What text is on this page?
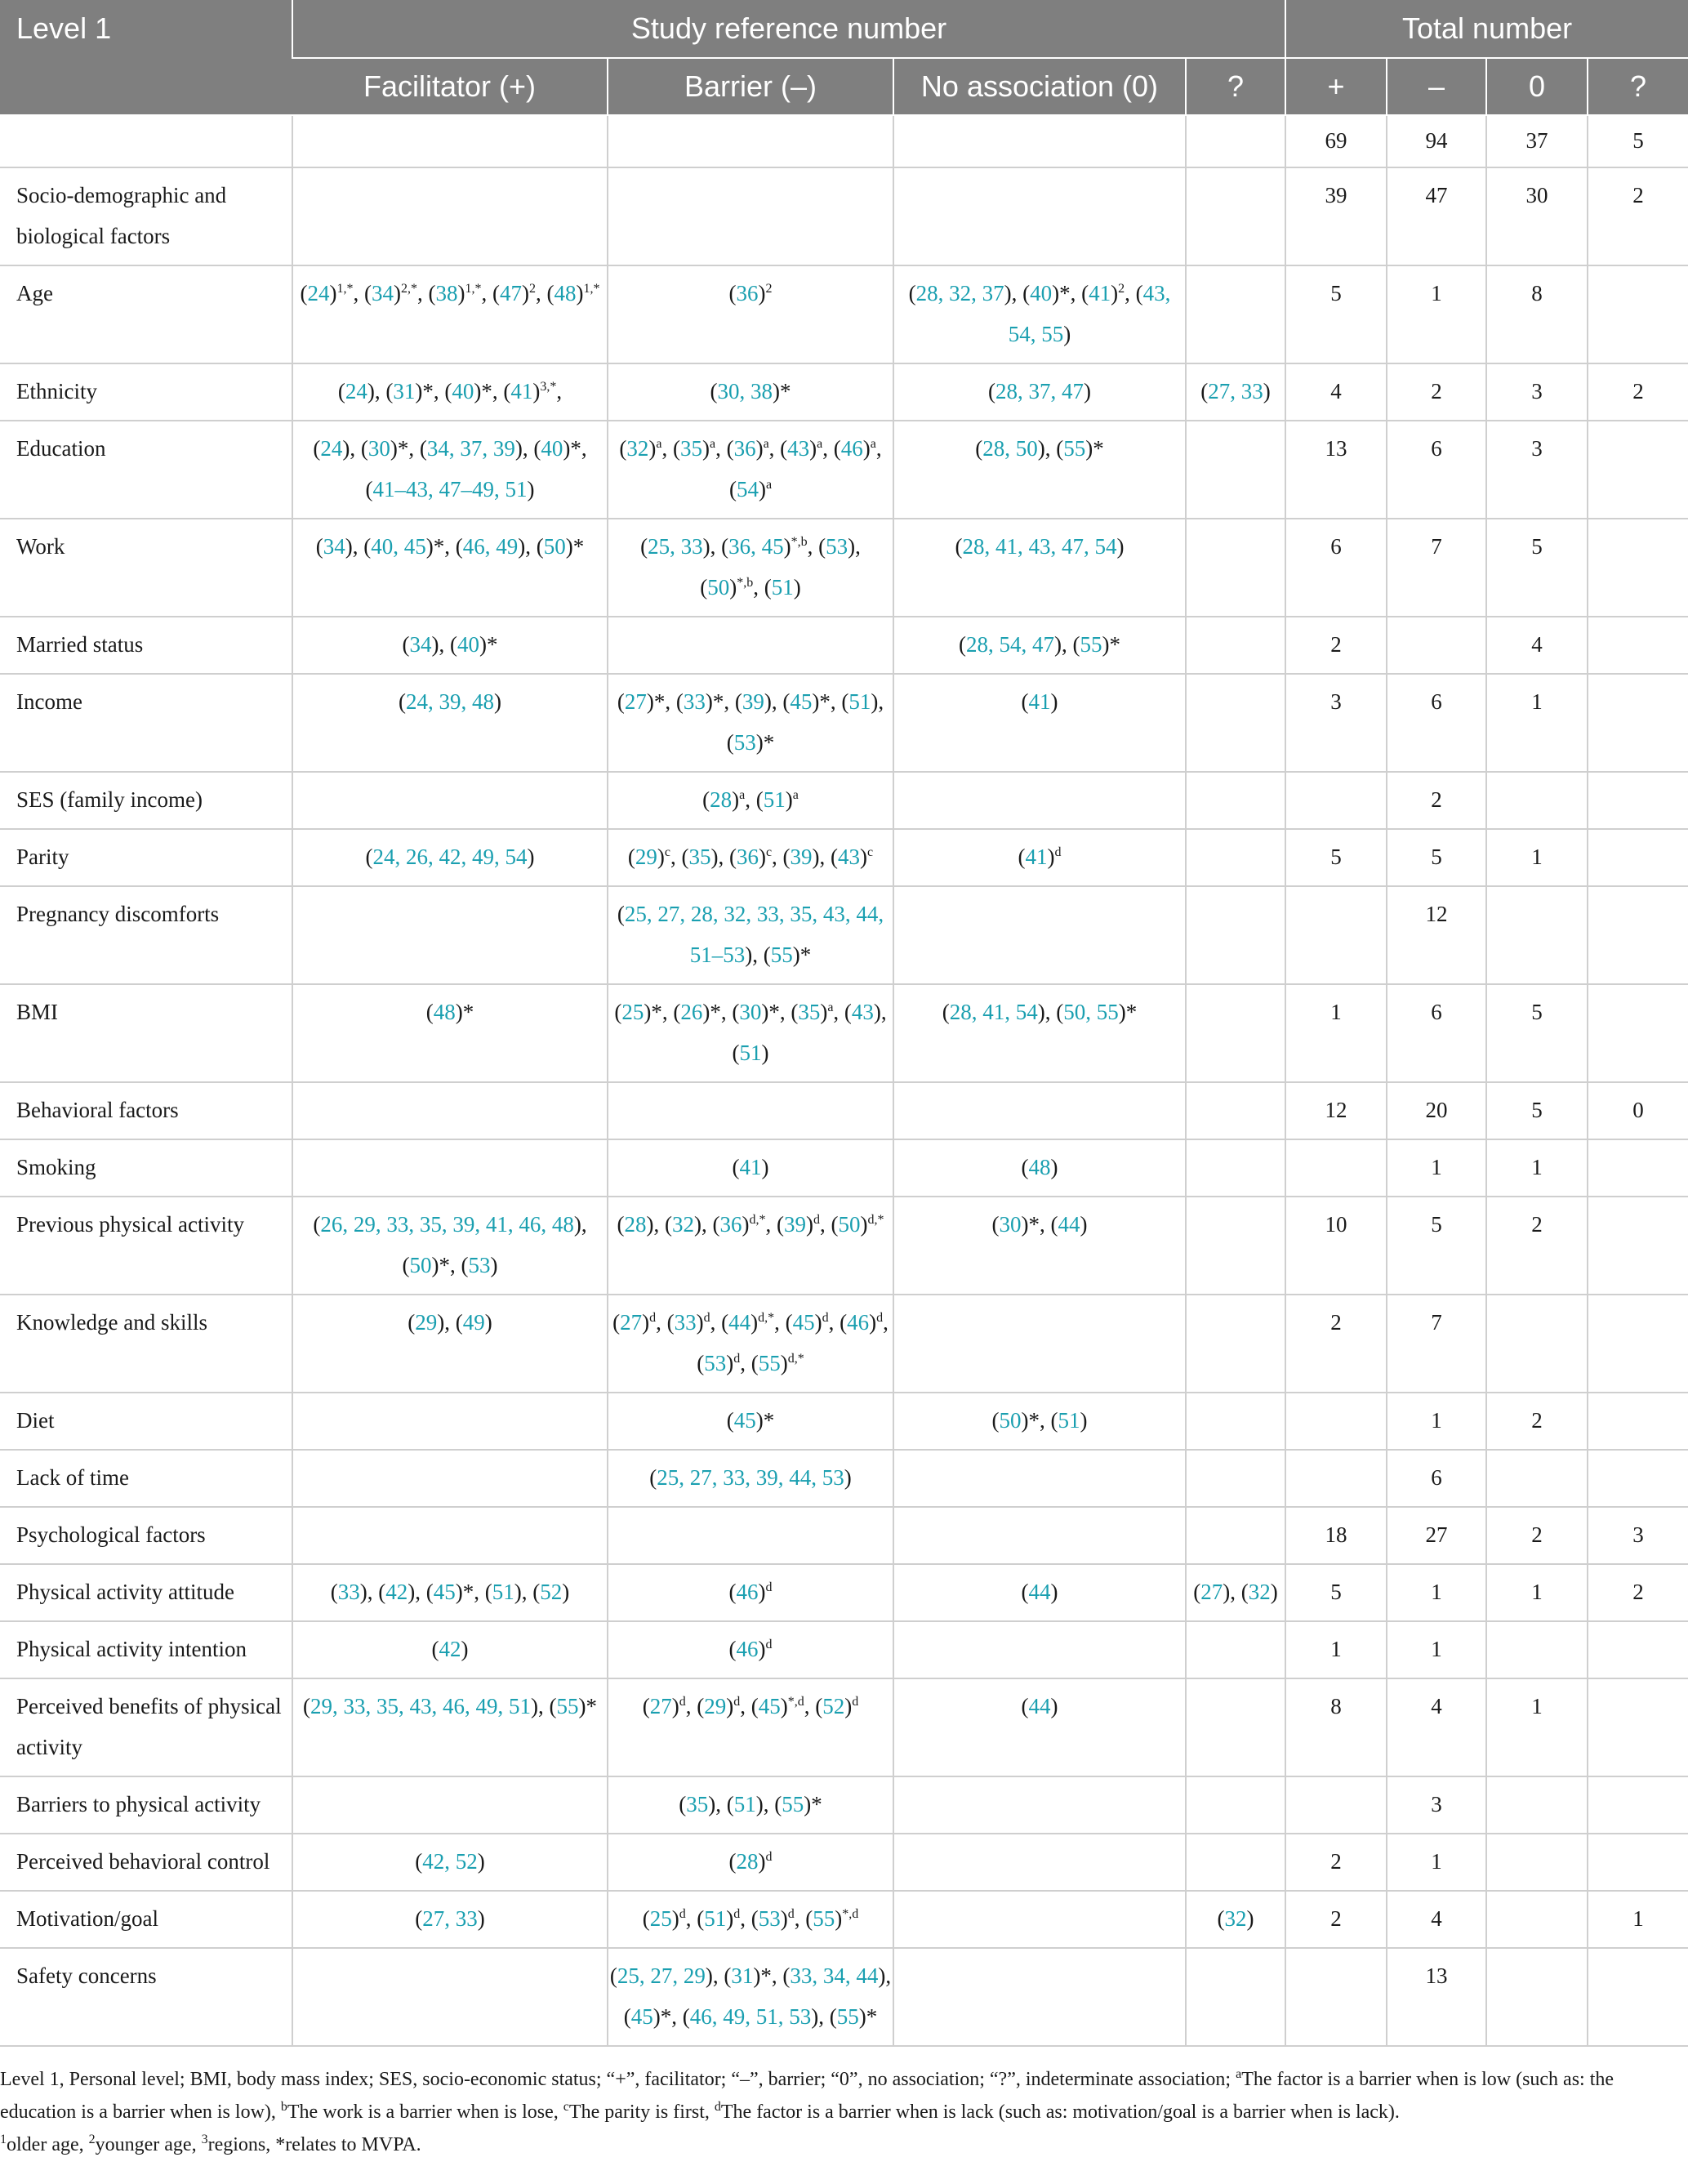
Level 1	Study reference number				Total number			
	Facilitator (+)	Barrier (–)	No association (0)	?	+	–	0	?
					69	94	37	5
Socio-demographic and biological factors					39	47	30	2
Age	$(24)^{1,*}$, $(34)^{2,*}$, $(38)^{1,*}$, $(47)^2$, $(48)^{1,*}$	$(36)^2$	(28, 32, 37), (40)*, $(41)^2$, (43, 54, 55)		5	1	8	
Ethnicity	(24), (31)*, (40)*, $(41)^{3,*}$,	(30, 38)*	(28, 37, 47)	(27, 33)	4	2	3	2
Education	(24), (30)*, (34, 37, 39), (40)*, (41–43, 47–49, 51)	$(32)^a$, $(35)^a$, $(36)^a$, $(43)^a$, $(46)^a$, $(54)^a$	(28, 50), (55)*		13	6	3	
Work	(34), (40, 45)*, (46, 49), (50)*	(25, 33), (36, 45)$^{*,b}$, (53), $(50)^{*,b}$, (51)	(28, 41, 43, 47, 54)		6	7	5	
Married status	(34), (40)*		(28, 54, 47), (55)*		2		4	
Income	(24, 39, 48)	(27)*, (33)*, (39), (45)*, (51), (53)*	(41)		3	6	1	
SES (family income)		$(28)^a$, $(51)^a$				2		
Parity	(24, 26, 42, 49, 54)	$(29)^c$, (35), $(36)^c$, (39), $(43)^c$	$(41)^d$		5	5	1	
Pregnancy discomforts		(25, 27, 28, 32, 33, 35, 43, 44, 51–53), (55)*				12		
BMI	(48)*	(25)*, (26)*, (30)*, $(35)^a$, (43), (51)	(28, 41, 54), (50, 55)*		1	6	5	
Behavioral factors					12	20	5	0
Smoking		(41)	(48)			1	1	
Previous physical activity	(26, 29, 33, 35, 39, 41, 46, 48), (50)*, (53)	(28), (32), $(36)^{d,*}$, $(39)^d$, $(50)^{d,*}$	(30)*, (44)		10	5	2	
Knowledge and skills	(29), (49)	$(27)^d$, $(33)^d$, $(44)^{d,*}$, $(45)^d$, $(46)^d$, $(53)^d$, $(55)^{d,*}$			2	7		
Diet		(45)*	(50)*, (51)			1	2	
Lack of time		(25, 27, 33, 39, 44, 53)				6		
Psychological factors					18	27	2	3
Physical activity attitude	(33), (42), (45)*, (51), (52)	$(46)^d$	(44)	(27), (32)	5	1	1	2
Physical activity intention	(42)	$(46)^d$			1	1		
Perceived benefits of physical activity	(29, 33, 35, 43, 46, 49, 51), (55)*	$(27)^d$, $(29)^d$, $(45)^{*,d}$, $(52)^d$	(44)		8	4	1	
Barriers to physical activity		(35), (51), (55)*				3		
Perceived behavioral control	(42, 52)	$(28)^d$			2	1		
Motivation/goal	(27, 33)	$(25)^d$, $(51)^d$, $(53)^d$, $(55)^{*,d}$		(32)	2	4		1
Safety concerns		(25, 27, 29), (31)*, (33, 34, 44), (45)*, (46, 49, 51, 53), (55)*				13		

Level 1, Personal level; BMI, body mass index; SES, socio-economic status; “+”, facilitator; “–”, barrier; “0”, no association; “?”, indeterminate association; $^a$The factor is a barrier when is low (such as: the education is a barrier when is low), $^b$The work is a barrier when is lose, $^c$The parity is first, $^d$The factor is a barrier when is lack (such as: motivation/goal is a barrier when is lack).

$^1$older age, $^2$younger age, $^3$regions, *relates to MVPA.
